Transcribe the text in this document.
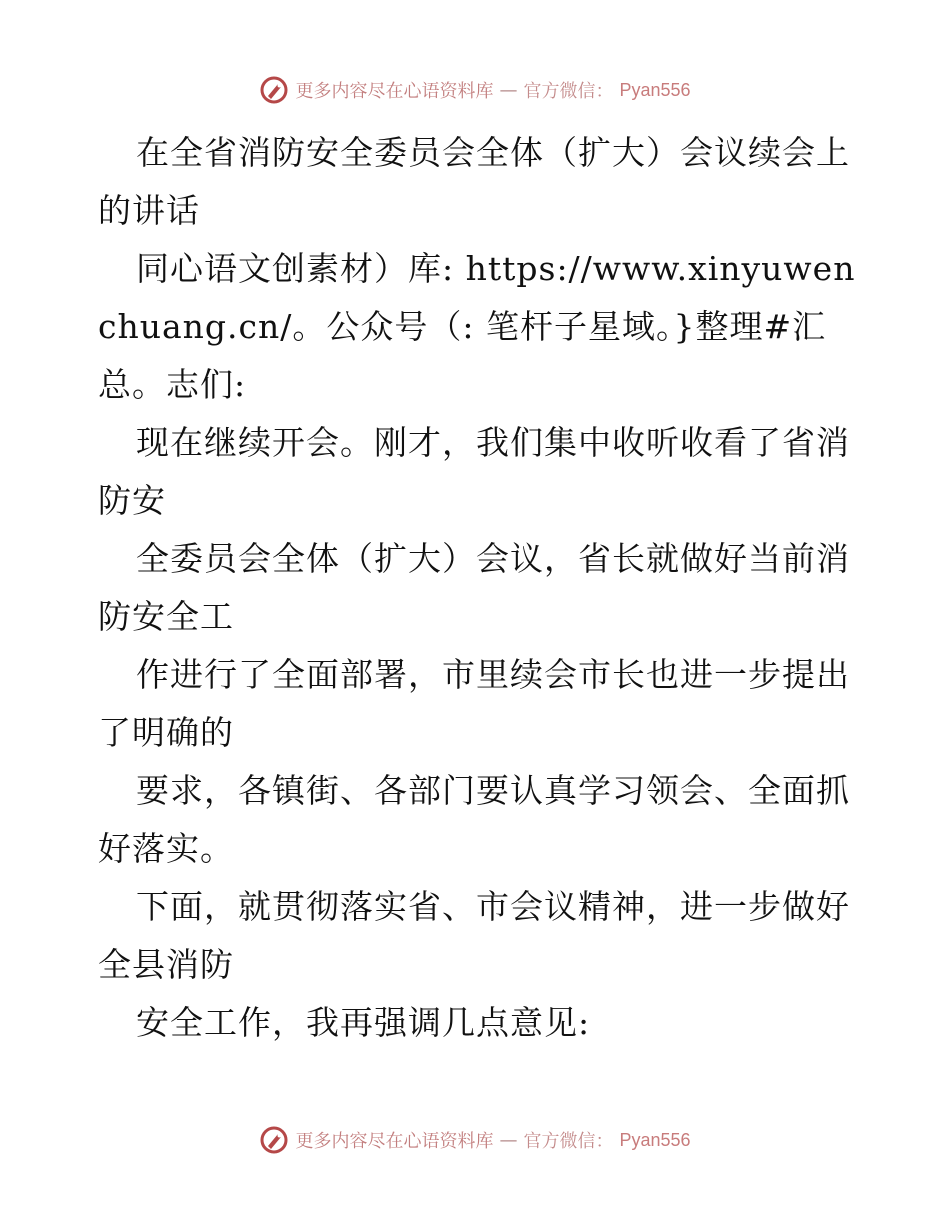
更多内容尽在心语资料库 — 官方微信： Pyan556

在全省消防安全委员会全体（扩大）会议续会上的讲话

同心语文创素材）库: https://www.xinyuwenchuang.cn/。公众号（: 笔杆子星域。}整理#汇总。志们:

现在继续开会。刚才，我们集中收听收看了省消防安

全委员会全体（扩大）会议，省长就做好当前消防安全工

作进行了全面部署，市里续会市长也进一步提出了明确的

要求，各镇街、各部门要认真学习领会、全面抓好落实。

下面，就贯彻落实省、市会议精神，进一步做好全县消防

安全工作，我再强调几点意见:

更多内容尽在心语资料库 — 官方微信： Pyan556
